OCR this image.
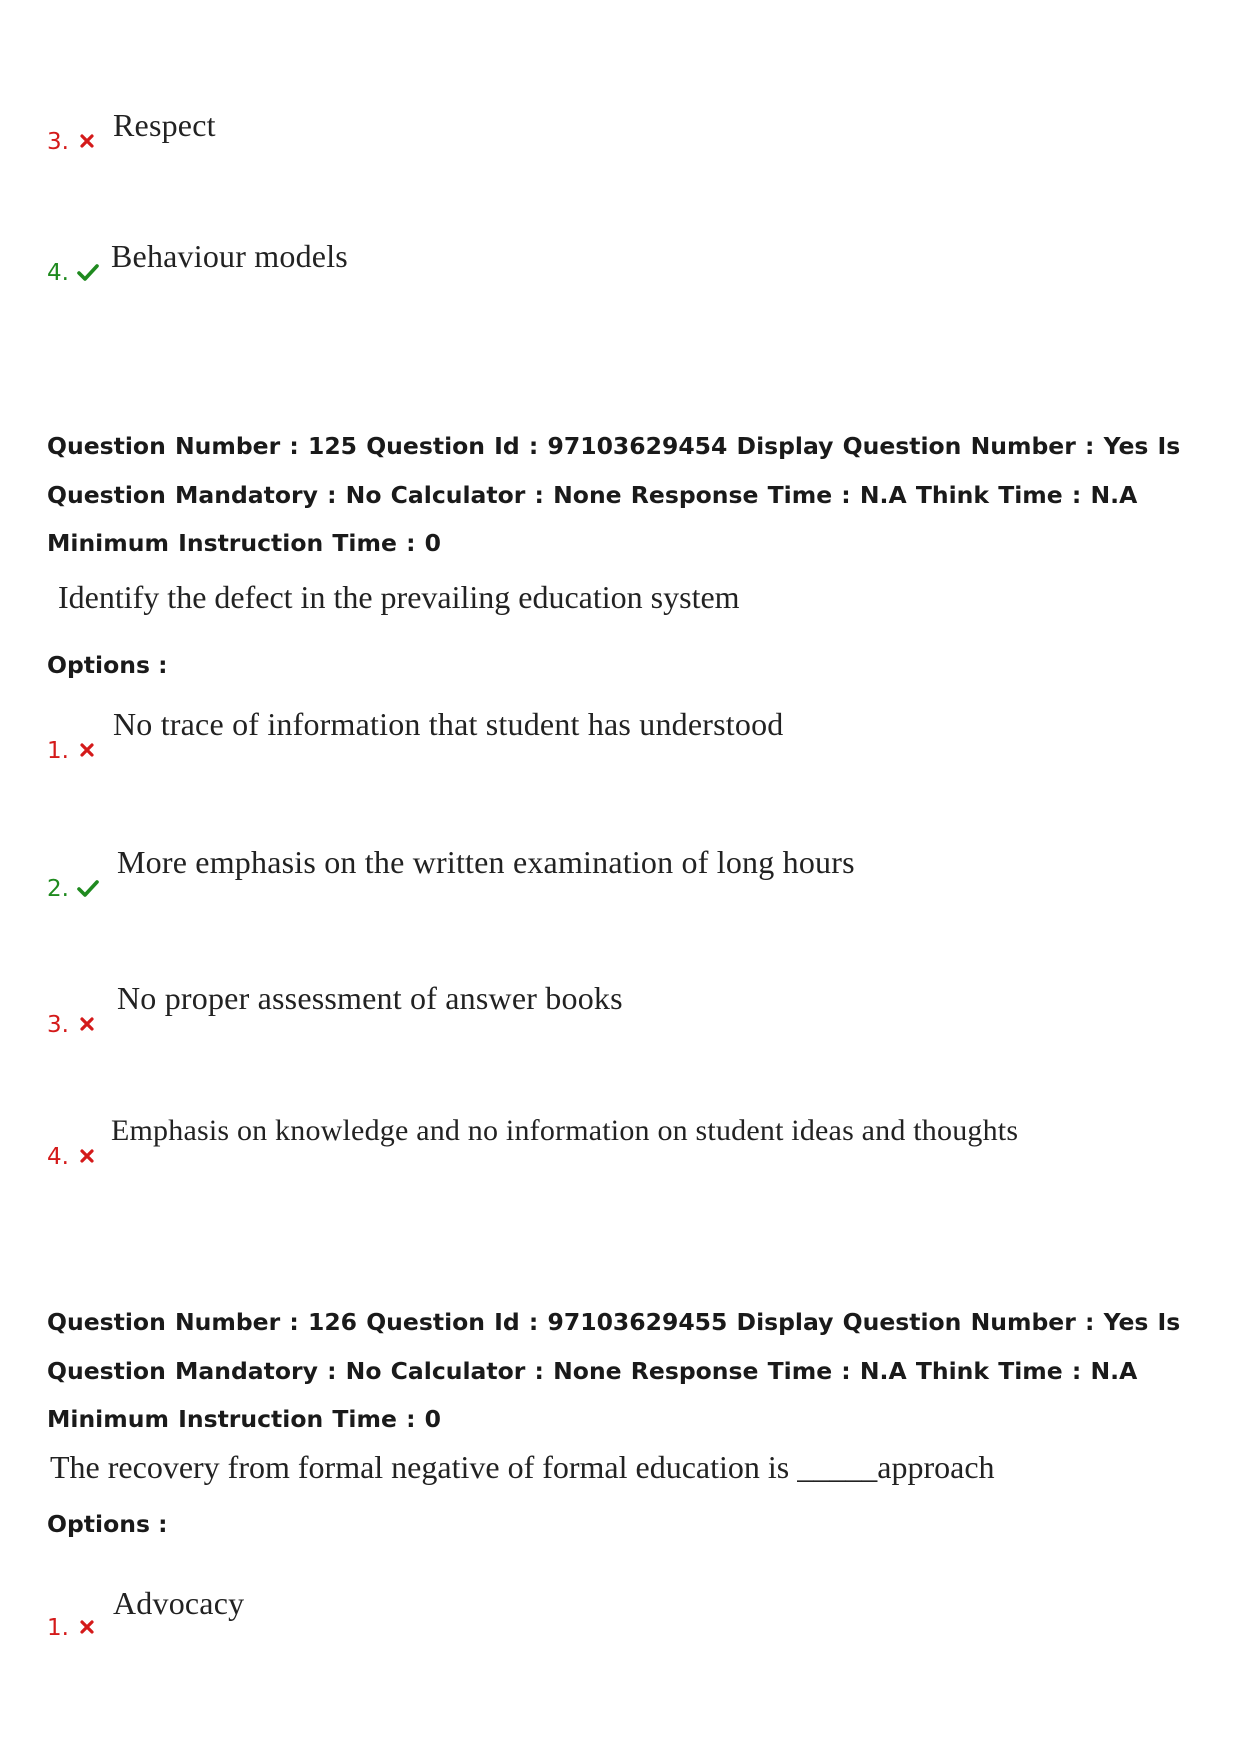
3. Respect
4. Behaviour models
Question Number : 125 Question Id : 97103629454 Display Question Number : Yes Is Question Mandatory : No Calculator : None Response Time : N.A Think Time : N.A Minimum Instruction Time : 0
Identify the defect in the prevailing education system
Options :
1.
No trace of information that student has understood
2.
More emphasis on the written examination of long hours
3.
No proper assessment of answer books
4.
Emphasis on knowledge and no information on student ideas and thoughts
Question Number : 126 Question Id : 97103629455 Display Question Number : Yes Is Question Mandatory : No Calculator : None Response Time : N.A Think Time : N.A Minimum Instruction Time : 0
The recovery from formal negative of formal education is _____approach
Options :
1.
Advocacy
